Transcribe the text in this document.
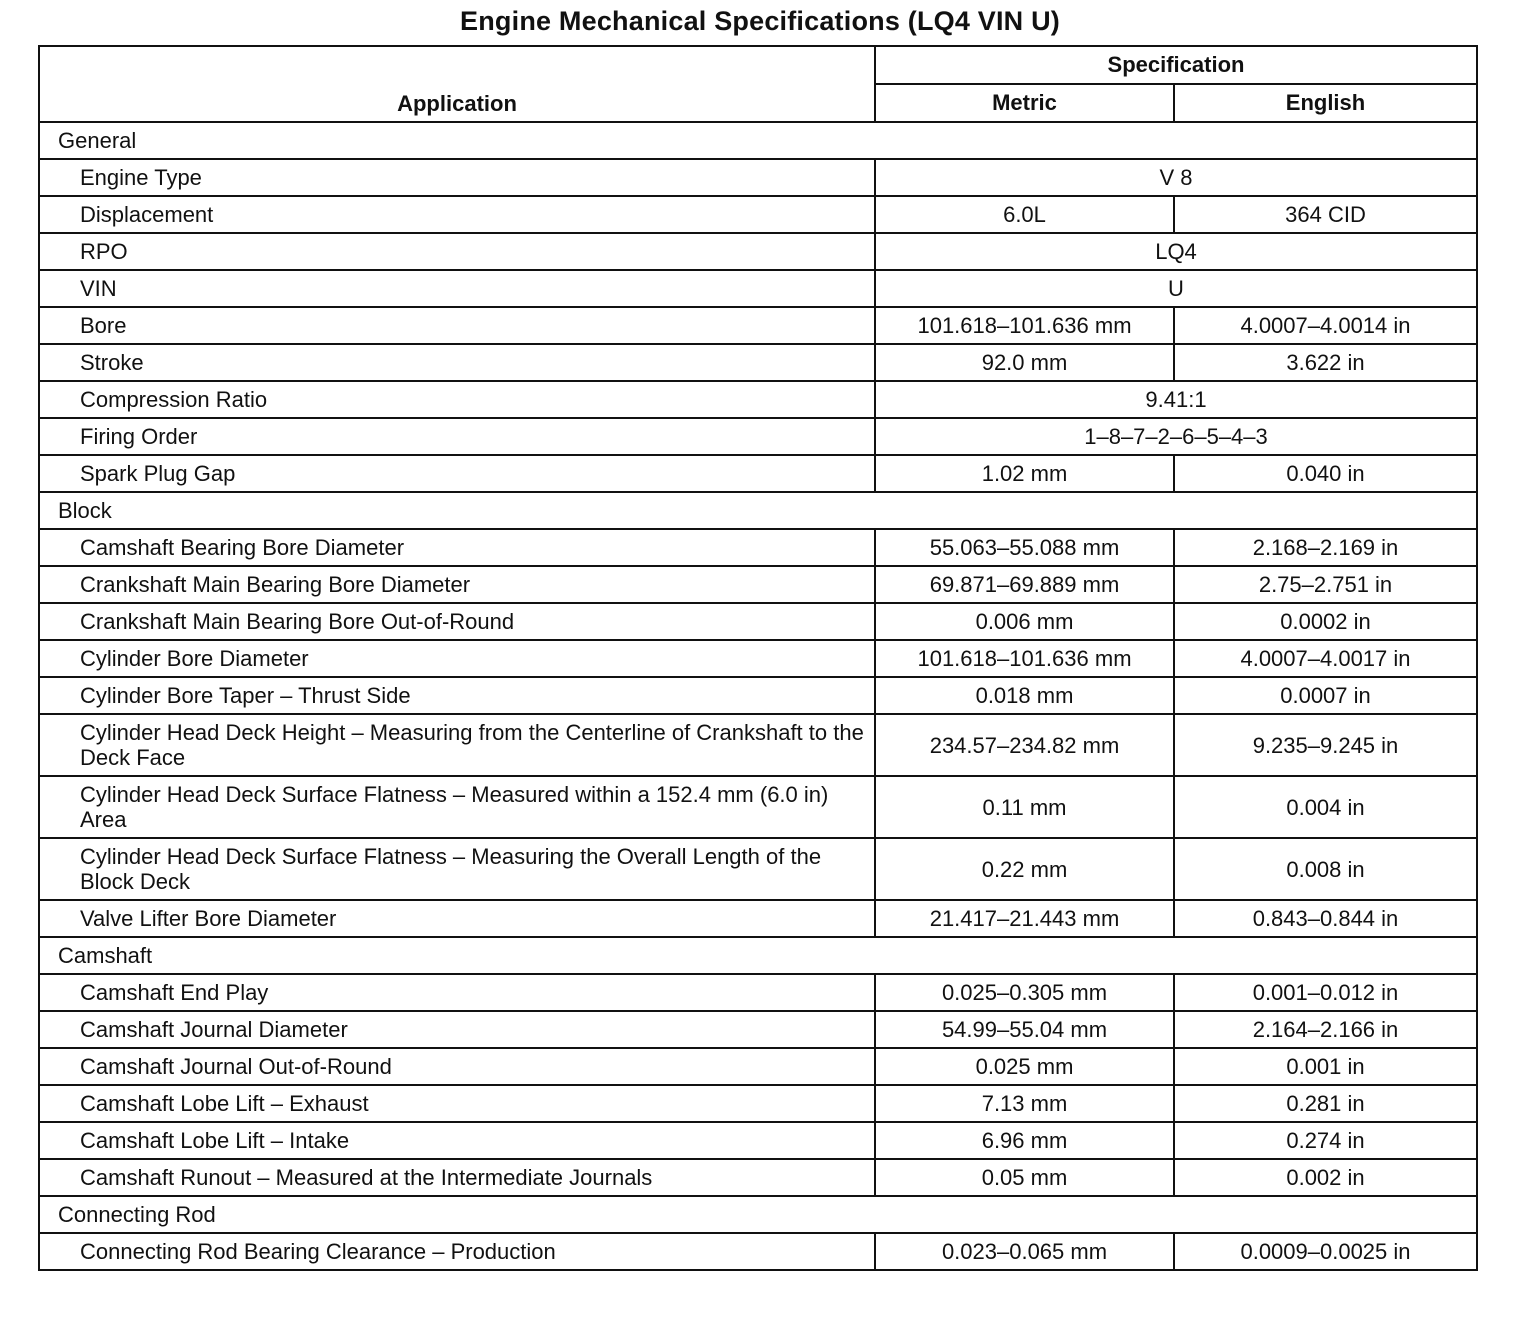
Engine Mechanical Specifications (LQ4 VIN U)
Application	Specification	
	Metric	English
General		
Engine Type	V 8	
Displacement	6.0L	364 CID
RPO	LQ4	
VIN	U	
Bore	101.618–101.636 mm	4.0007–4.0014 in
Stroke	92.0 mm	3.622 in
Compression Ratio	9.41:1	
Firing Order	1–8–7–2–6–5–4–3	
Spark Plug Gap	1.02 mm	0.040 in
Block		
Camshaft Bearing Bore Diameter	55.063–55.088 mm	2.168–2.169 in
Crankshaft Main Bearing Bore Diameter	69.871–69.889 mm	2.75–2.751 in
Crankshaft Main Bearing Bore Out-of-Round	0.006 mm	0.0002 in
Cylinder Bore Diameter	101.618–101.636 mm	4.0007–4.0017 in
Cylinder Bore Taper – Thrust Side	0.018 mm	0.0007 in
Cylinder Head Deck Height – Measuring from the Centerline of Crankshaft to the Deck Face	234.57–234.82 mm	9.235–9.245 in
Cylinder Head Deck Surface Flatness – Measured within a 152.4 mm (6.0 in) Area	0.11 mm	0.004 in
Cylinder Head Deck Surface Flatness – Measuring the Overall Length of the Block Deck	0.22 mm	0.008 in
Valve Lifter Bore Diameter	21.417–21.443 mm	0.843–0.844 in
Camshaft		
Camshaft End Play	0.025–0.305 mm	0.001–0.012 in
Camshaft Journal Diameter	54.99–55.04 mm	2.164–2.166 in
Camshaft Journal Out-of-Round	0.025 mm	0.001 in
Camshaft Lobe Lift – Exhaust	7.13 mm	0.281 in
Camshaft Lobe Lift – Intake	6.96 mm	0.274 in
Camshaft Runout – Measured at the Intermediate Journals	0.05 mm	0.002 in
Connecting Rod		
Connecting Rod Bearing Clearance – Production	0.023–0.065 mm	0.0009–0.0025 in
